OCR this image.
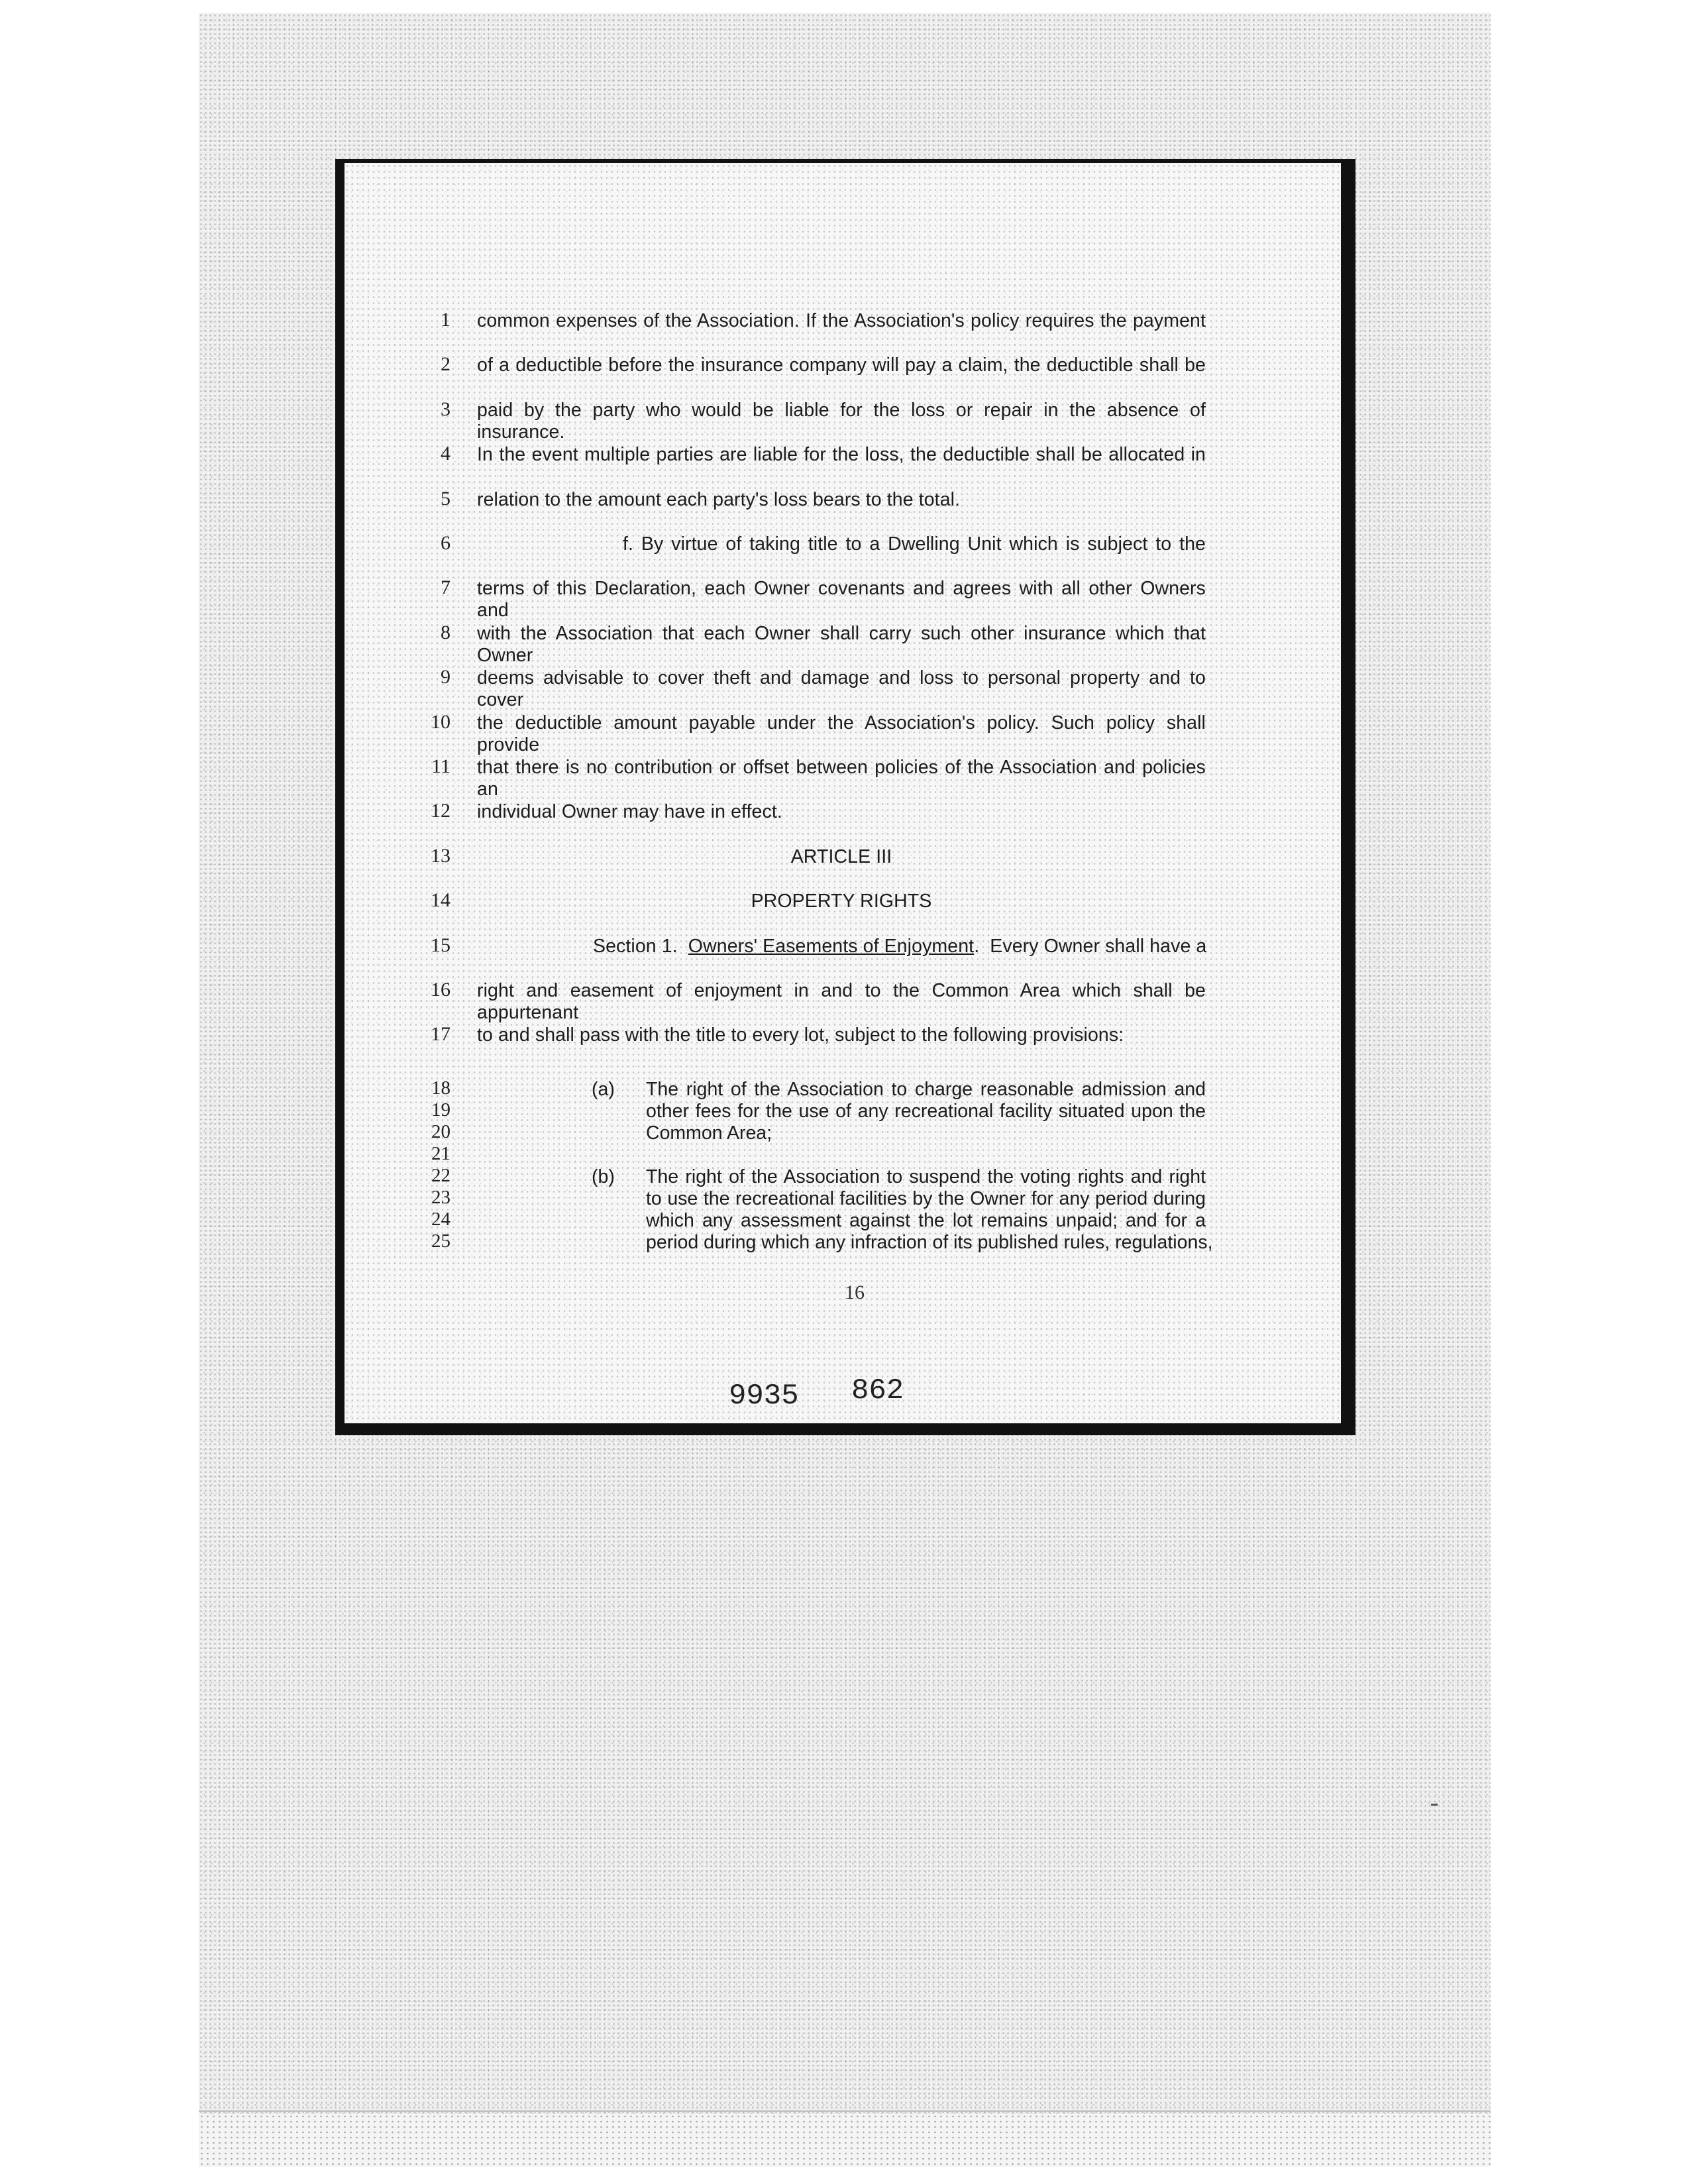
1 common expenses of the Association. If the Association's policy requires the payment
2 of a deductible before the insurance company will pay a claim, the deductible shall be
3 paid by the party who would be liable for the loss or repair in the absence of insurance.
4 In the event multiple parties are liable for the loss, the deductible shall be allocated in
5 relation to the amount each party's loss bears to the total.
6	f. By virtue of taking title to a Dwelling Unit which is subject to the
7 terms of this Declaration, each Owner covenants and agrees with all other Owners and
8 with the Association that each Owner shall carry such other insurance which that Owner
9 deems advisable to cover theft and damage and loss to personal property and to cover
10 the deductible amount payable under the Association's policy. Such policy shall provide
11 that there is no contribution or offset between policies of the Association and policies an
12 individual Owner may have in effect.
13	ARTICLE III
14	PROPERTY RIGHTS
15	Section 1.  Owners' Easements of Enjoyment.  Every Owner shall have a
16 right and easement of enjoyment in and to the Common Area which shall be appurtenant
17 to and shall pass with the title to every lot, subject to the following provisions:
18
19
20
21
(a) The right of the Association to charge reasonable admission and
other fees for the use of any recreational facility situated upon the
Common Area;
22
23
24
25
(b) The right of the Association to suspend the voting rights and right
to use the recreational facilities by the Owner for any period during
which any assessment against the lot remains unpaid; and for a
period during which any infraction of its published rules, regulations,
16
9935 862
